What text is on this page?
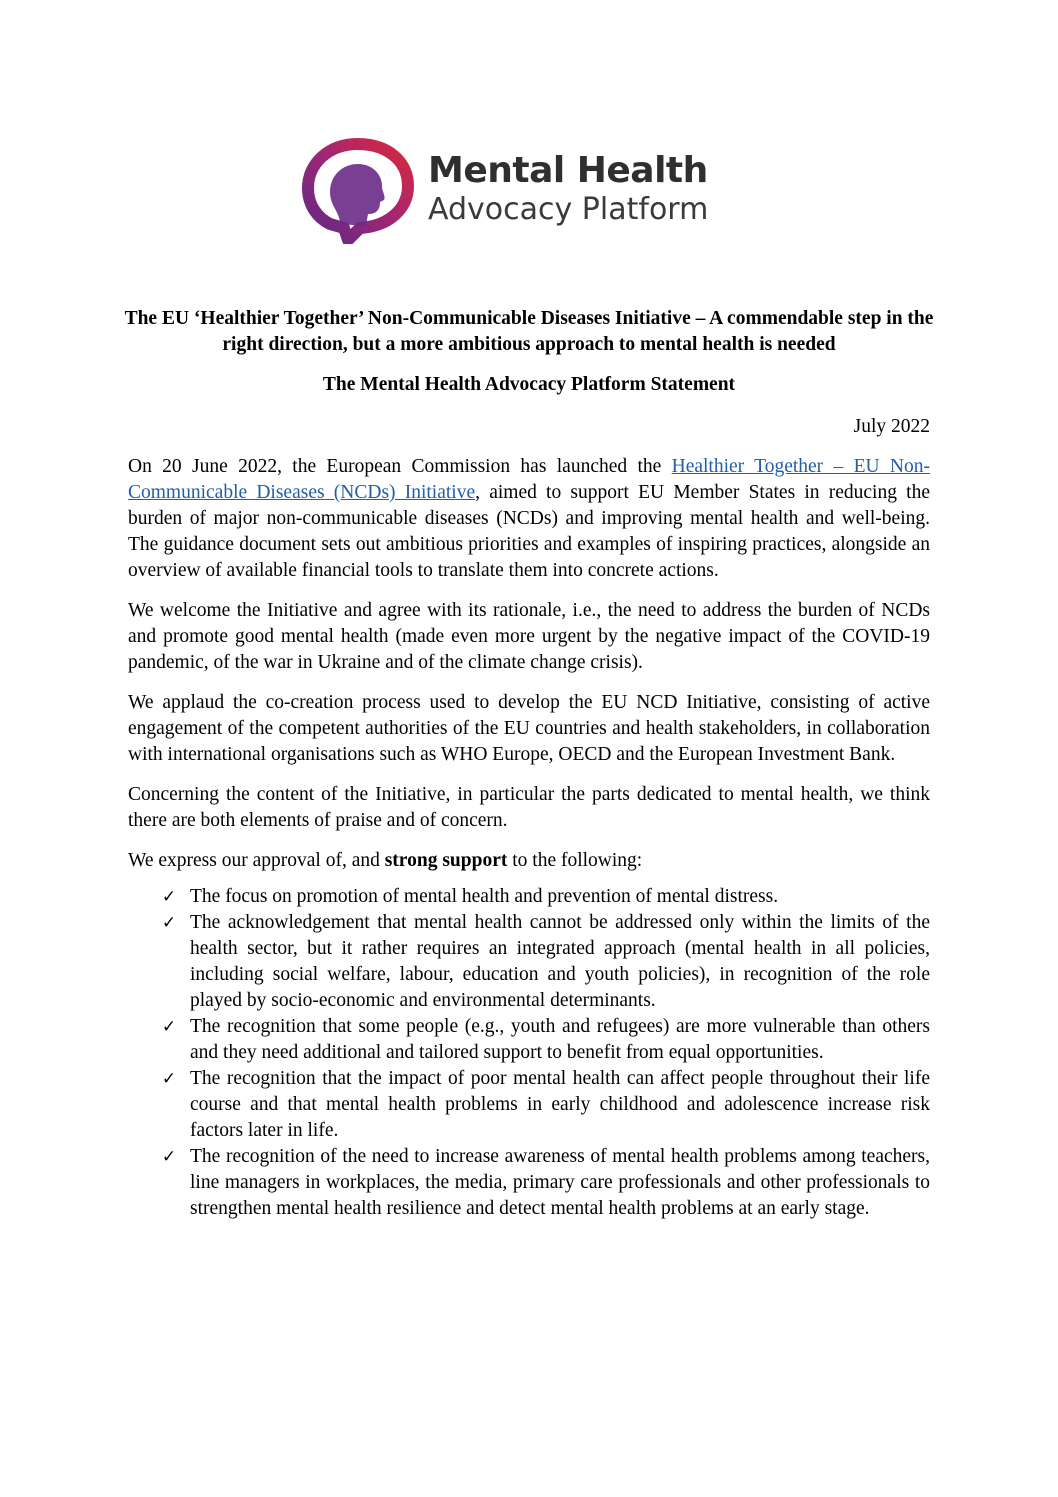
Mental Health
Advocacy Platform
The EU ‘Healthier Together’ Non-Communicable Diseases Initiative – A commendable step in the right direction, but a more ambitious approach to mental health is needed
The Mental Health Advocacy Platform Statement
July 2022

On 20 June 2022, the European Commission has launched the Healthier Together – EU Non-Communicable Diseases (NCDs) Initiative, aimed to support EU Member States in reducing the burden of major non-communicable diseases (NCDs) and improving mental health and well-being. The guidance document sets out ambitious priorities and examples of inspiring practices, alongside an overview of available financial tools to translate them into concrete actions.

We welcome the Initiative and agree with its rationale, i.e., the need to address the burden of NCDs and promote good mental health (made even more urgent by the negative impact of the COVID-19 pandemic, of the war in Ukraine and of the climate change crisis).

We applaud the co-creation process used to develop the EU NCD Initiative, consisting of active engagement of the competent authorities of the EU countries and health stakeholders, in collaboration with international organisations such as WHO Europe, OECD and the European Investment Bank.

Concerning the content of the Initiative, in particular the parts dedicated to mental health, we think there are both elements of praise and of concern.

We express our approval of, and strong support to the following:

✓ The focus on promotion of mental health and prevention of mental distress.
✓ The acknowledgement that mental health cannot be addressed only within the limits of the health sector, but it rather requires an integrated approach (mental health in all policies, including social welfare, labour, education and youth policies), in recognition of the role played by socio-economic and environmental determinants.
✓ The recognition that some people (e.g., youth and refugees) are more vulnerable than others and they need additional and tailored support to benefit from equal opportunities.
✓ The recognition that the impact of poor mental health can affect people throughout their life course and that mental health problems in early childhood and adolescence increase risk factors later in life.
✓ The recognition of the need to increase awareness of mental health problems among teachers, line managers in workplaces, the media, primary care professionals and other professionals to strengthen mental health resilience and detect mental health problems at an early stage.
